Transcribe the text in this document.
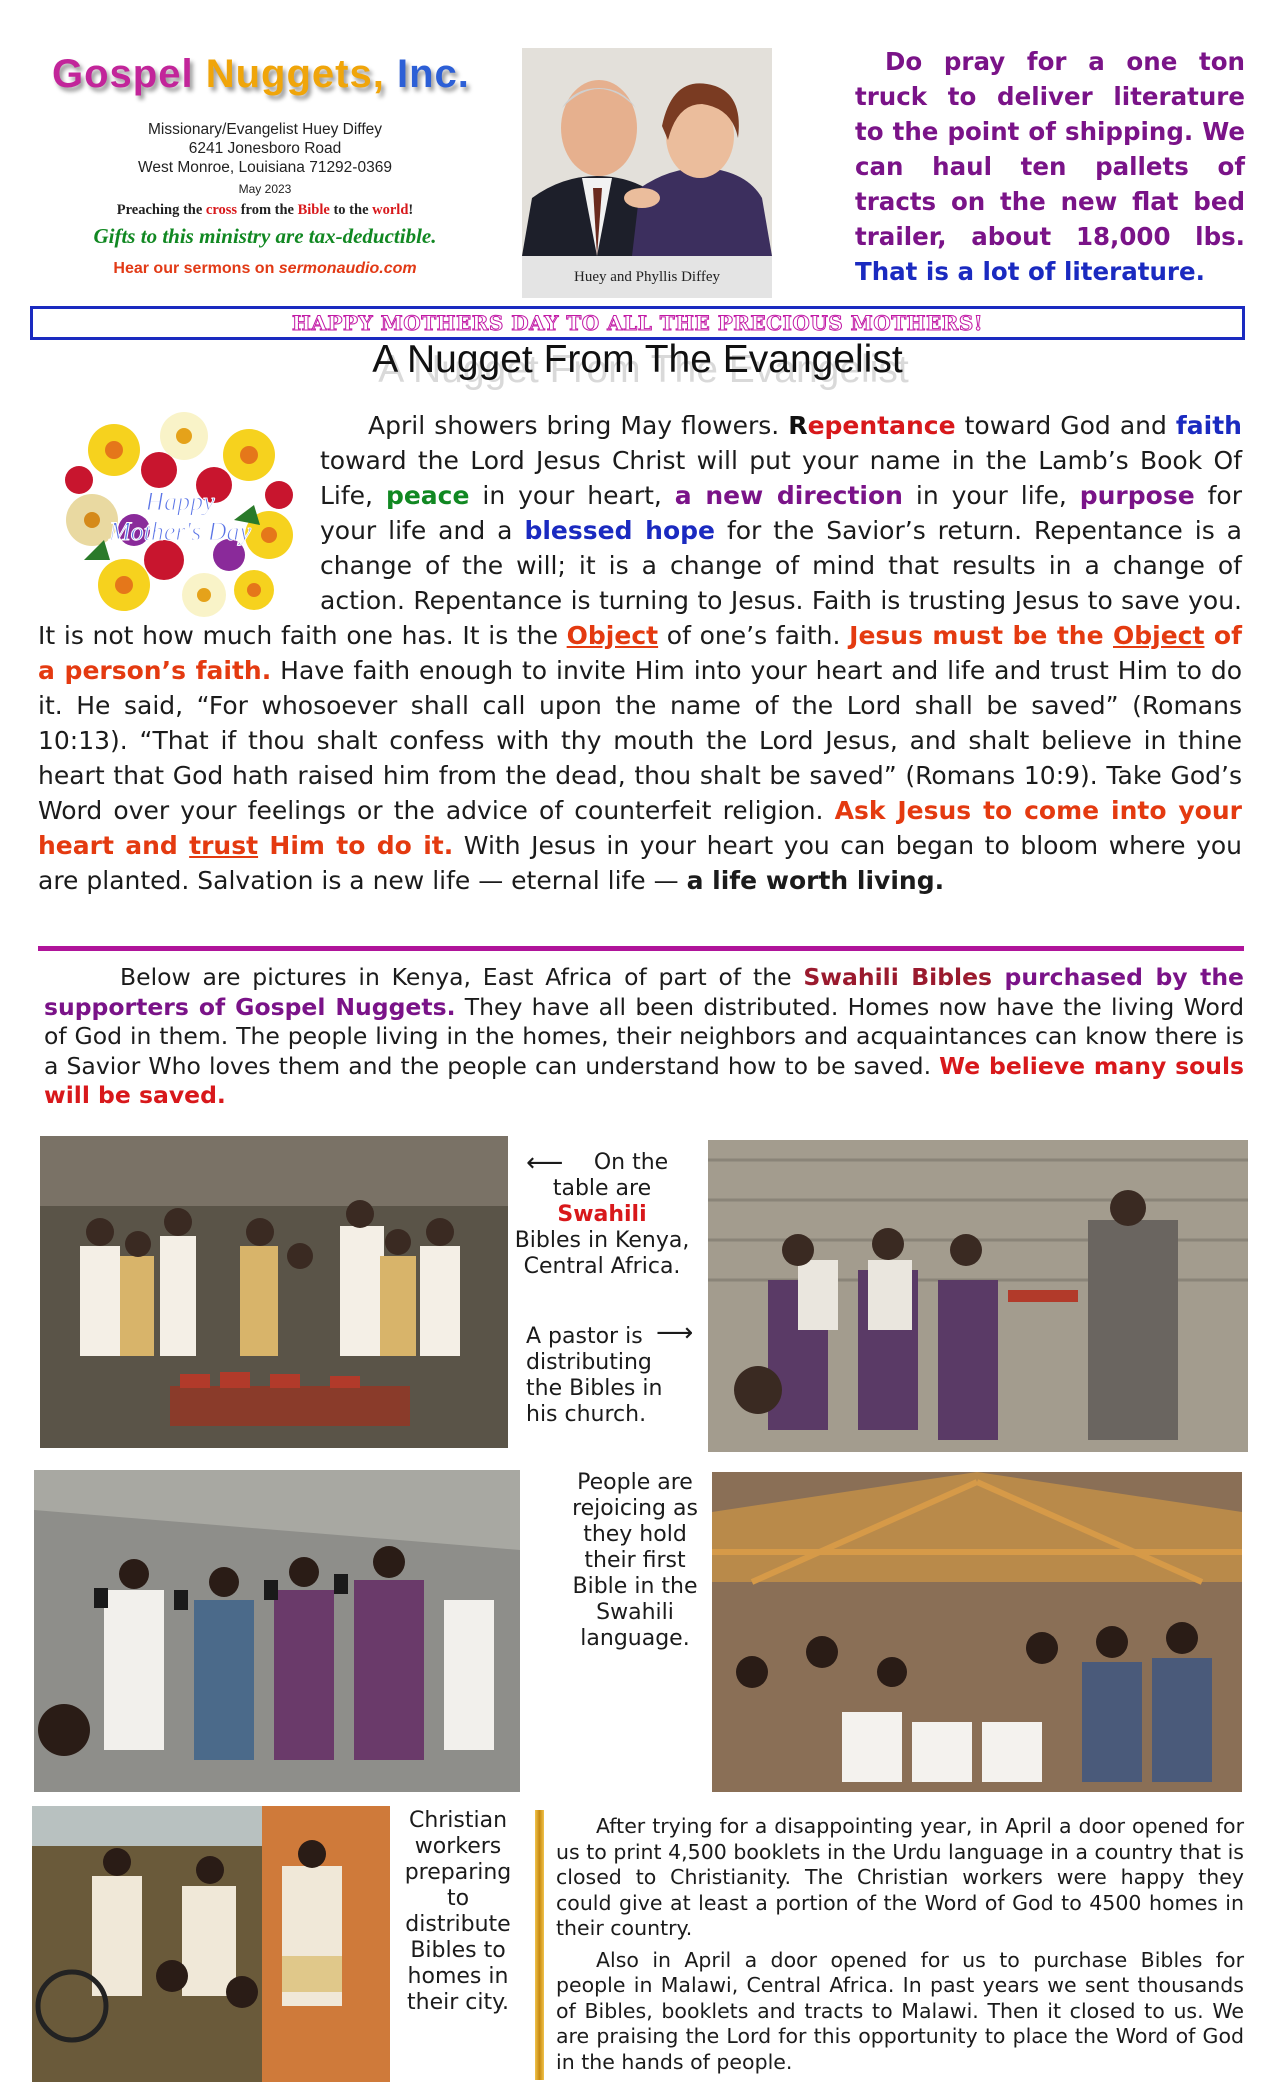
Gospel Nuggets, Inc.
Missionary/Evangelist Huey Diffey
6241 Jonesboro Road
West Monroe, Louisiana 71292-0369
May 2023
Preaching the cross from the Bible to the world!
Gifts to this ministry are tax-deductible.
Hear our sermons on sermonaudio.com	Huey and Phyllis Diffey
Do pray for a one ton truck to deliver literature to the point of shipping. We can haul ten pallets of tracts on the new flat bed trailer, about 18,000 lbs. That is a lot of literature.
HAPPY MOTHERS DAY TO ALL THE PRECIOUS MOTHERS!
A Nugget From The Evangelist
Happy
Mother's Day
April showers bring May flowers. Repentance toward God and faith toward the Lord Jesus Christ will put your name in the Lamb’s Book Of Life, peace in your heart, a new direction in your life, purpose for your life and a blessed hope for the Savior’s return. Repentance is a change of the will; it is a change of mind that results in a change of action. Repentance is turning to Jesus. Faith is trusting Jesus to save you. It is not how much faith one has. It is the Object of one’s faith. Jesus must be the Object of a person’s faith. Have faith enough to invite Him into your heart and life and trust Him to do it. He said, “For whosoever shall call upon the name of the Lord shall be saved” (Romans 10:13). “That if thou shalt confess with thy mouth the Lord Jesus, and shalt believe in thine heart that God hath raised him from the dead, thou shalt be saved” (Romans 10:9). Take God’s Word over your feelings or the advice of counterfeit religion. Ask Jesus to come into your heart and trust Him to do it. With Jesus in your heart you can began to bloom where you are planted. Salvation is a new life — eternal life — a life worth living.
Below are pictures in Kenya, East Africa of part of the Swahili Bibles purchased by the supporters of Gospel Nuggets. They have all been distributed. Homes now have the living Word of God in them. The people living in the homes, their neighbors and acquaintances can know there is a Savior Who loves them and the people can understand how to be saved. We believe many souls will be saved.
⟵ On the table are
Swahili
Bibles in Kenya, Central Africa.
⟶
A pastor is distributing the Bibles in his church.
People are rejoicing as they hold their first Bible in the Swahili language.
Christian workers preparing to distribute Bibles to homes in their city.

After trying for a disappointing year, in April a door opened for us to print 4,500 booklets in the Urdu language in a country that is closed to Christianity. The Christian workers were happy they could give at least a portion of the Word of God to 4500 homes in their country.

Also in April a door opened for us to purchase Bibles for people in Malawi, Central Africa. In past years we sent thousands of Bibles, booklets and tracts to Malawi. Then it closed to us. We are praising the Lord for this opportunity to place the Word of God in the hands of people.
